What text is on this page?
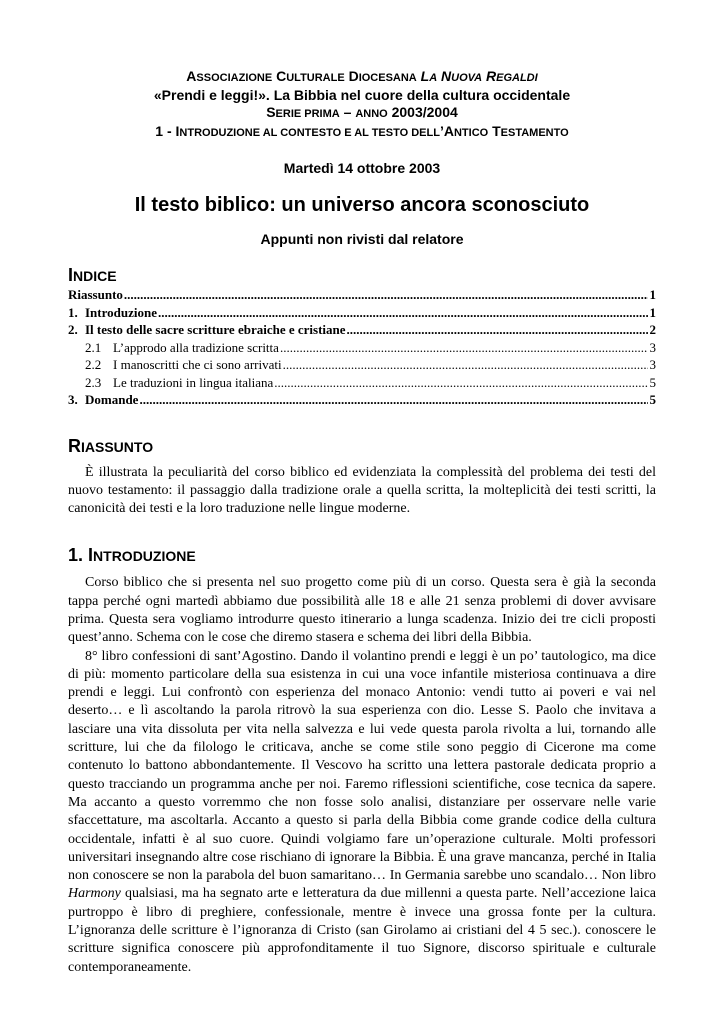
ASSOCIAZIONE CULTURALE DIOCESANA LA NUOVA REGALDI
«Prendi e leggi!». La Bibbia nel cuore della cultura occidentale
SERIE PRIMA – ANNO 2003/2004
1 - INTRODUZIONE AL CONTESTO E AL TESTO DELL’ANTICO TESTAMENTO
Martedì 14 ottobre 2003
Il testo biblico: un universo ancora sconosciuto
Appunti non rivisti dal relatore
INDICE
Riassunto .....	1
1. Introduzione .....	1
2. Il testo delle sacre scritture ebraiche e cristiane .....	2
2.1 L’approdo alla tradizione scritta .....	3
2.2 I manoscritti che ci sono arrivati .....	3
2.3 Le traduzioni in lingua italiana .....	5
3. Domande .....	5
RIASSUNTO

È illustrata la peculiarità del corso biblico ed evidenziata la complessità del problema dei testi del nuovo testamento: il passaggio dalla tradizione orale a quella scritta, la molteplicità dei testi scritti, la canonicità dei testi e la loro traduzione nelle lingue moderne.

1. INTRODUZIONE

Corso biblico che si presenta nel suo progetto come più di un corso. Questa sera è già la seconda tappa perché ogni martedì abbiamo due possibilità alle 18 e alle 21 senza problemi di dover avvisare prima. Questa sera vogliamo introdurre questo itinerario a lunga scadenza. Inizio dei tre cicli proposti quest’anno. Schema con le cose che diremo stasera e schema dei libri della Bibbia.

8° libro confessioni di sant’Agostino. Dando il volantino prendi e leggi è un po’ tautologico, ma dice di più: momento particolare della sua esistenza in cui una voce infantile misteriosa continuava a dire prendi e leggi. Lui confrontò con esperienza del monaco Antonio: vendi tutto ai poveri e vai nel deserto… e lì ascoltando la parola ritrovò la sua esperienza con dio. Lesse S. Paolo che invitava a lasciare una vita dissoluta per vita nella salvezza e lui vede questa parola rivolta a lui, tornando alle scritture, lui che da filologo le criticava, anche se come stile sono peggio di Cicerone ma come contenuto lo battono abbondantemente. Il Vescovo ha scritto una lettera pastorale dedicata proprio a questo tracciando un programma anche per noi. Faremo riflessioni scientifiche, cose tecnica da sapere. Ma accanto a questo vorremmo che non fosse solo analisi, distanziare per osservare nelle varie sfaccettature, ma ascoltarla. Accanto a questo si parla della Bibbia come grande codice della cultura occidentale, infatti è al suo cuore. Quindi volgiamo fare un’operazione culturale. Molti professori universitari insegnando altre cose rischiano di ignorare la Bibbia. È una grave mancanza, perché in Italia non conoscere se non la parabola del buon samaritano… In Germania sarebbe uno scandalo… Non libro Harmony qualsiasi, ma ha segnato arte e letteratura da due millenni a questa parte. Nell’accezione laica purtroppo è libro di preghiere, confessionale, mentre è invece una grossa fonte per la cultura. L’ignoranza delle scritture è l’ignoranza di Cristo (san Girolamo ai cristiani del 4 5 sec.). conoscere le scritture significa conoscere più approfonditamente il tuo Signore, discorso spirituale e culturale contemporaneamente.
